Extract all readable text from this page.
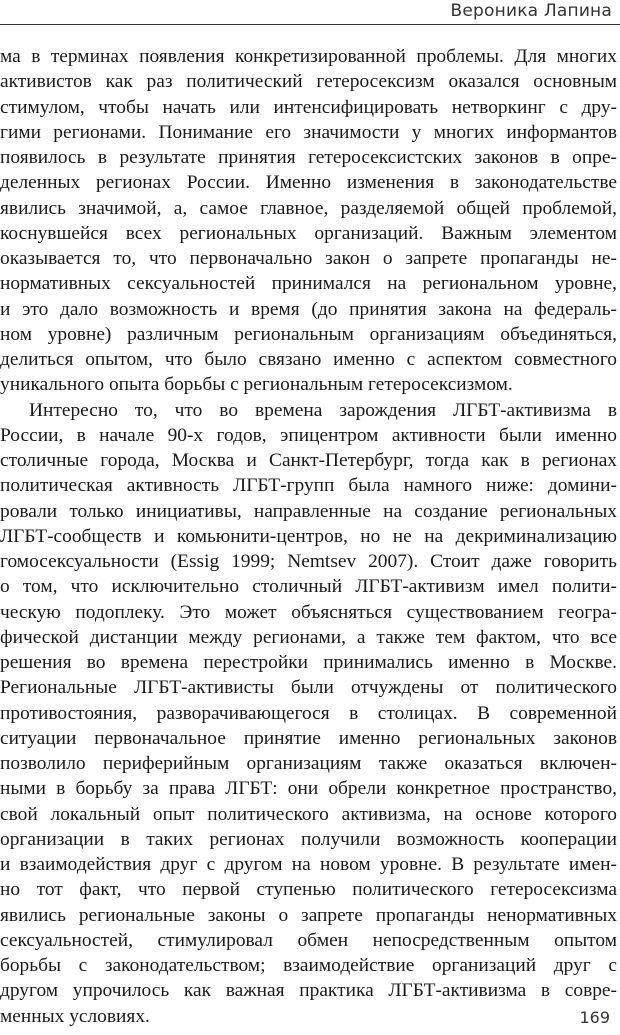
Вероника Лапина

ма в терминах появления конкретизированной проблемы. Для многих
активистов как раз политический гетеросексизм оказался основным
стимулом, чтобы начать или интенсифицировать нетворкинг с дру-
гими регионами. Понимание его значимости у многих информантов
появилось в результате принятия гетеросексистских законов в опре-
деленных регионах России. Именно изменения в законодательстве
явились значимой, а, самое главное, разделяемой общей проблемой,
коснувшейся всех региональных организаций. Важным элементом
оказывается то, что первоначально закон о запрете пропаганды не-
нормативных сексуальностей принимался на региональном уровне,
и это дало возможность и время (до принятия закона на федераль-
ном уровне) различным региональным организациям объединяться,
делиться опытом, что было связано именно с аспектом совместного
уникального опыта борьбы с региональным гетеросексизмом.

Интересно то, что во времена зарождения ЛГБТ-активизма в
России, в начале 90-х годов, эпицентром активности были именно
столичные города, Москва и Санкт-Петербург, тогда как в регионах
политическая активность ЛГБТ-групп была намного ниже: домини-
ровали только инициативы, направленные на создание региональных
ЛГБТ-сообществ и комьюнити-центров, но не на декриминализацию
гомосексуальности (Essig 1999; Nemtsev 2007). Стоит даже говорить
о том, что исключительно столичный ЛГБТ-активизм имел полити-
ческую подоплеку. Это может объясняться существованием геогра-
фической дистанции между регионами, а также тем фактом, что все
решения во времена перестройки принимались именно в Москве.
Региональные ЛГБТ-активисты были отчуждены от политического
противостояния, разворачивающегося в столицах. В современной
ситуации первоначальное принятие именно региональных законов
позволило периферийным организациям также оказаться включен-
ными в борьбу за права ЛГБТ: они обрели конкретное пространство,
свой локальный опыт политического активизма, на основе которого
организации в таких регионах получили возможность кооперации
и взаимодействия друг с другом на новом уровне. В результате имен-
но тот факт, что первой ступенью политического гетеросексизма
явились региональные законы о запрете пропаганды ненормативных
сексуальностей, стимулировал обмен непосредственным опытом
борьбы с законодательством; взаимодействие организаций друг с
другом упрочилось как важная практика ЛГБТ-активизма в совре-
менных условиях.	169
